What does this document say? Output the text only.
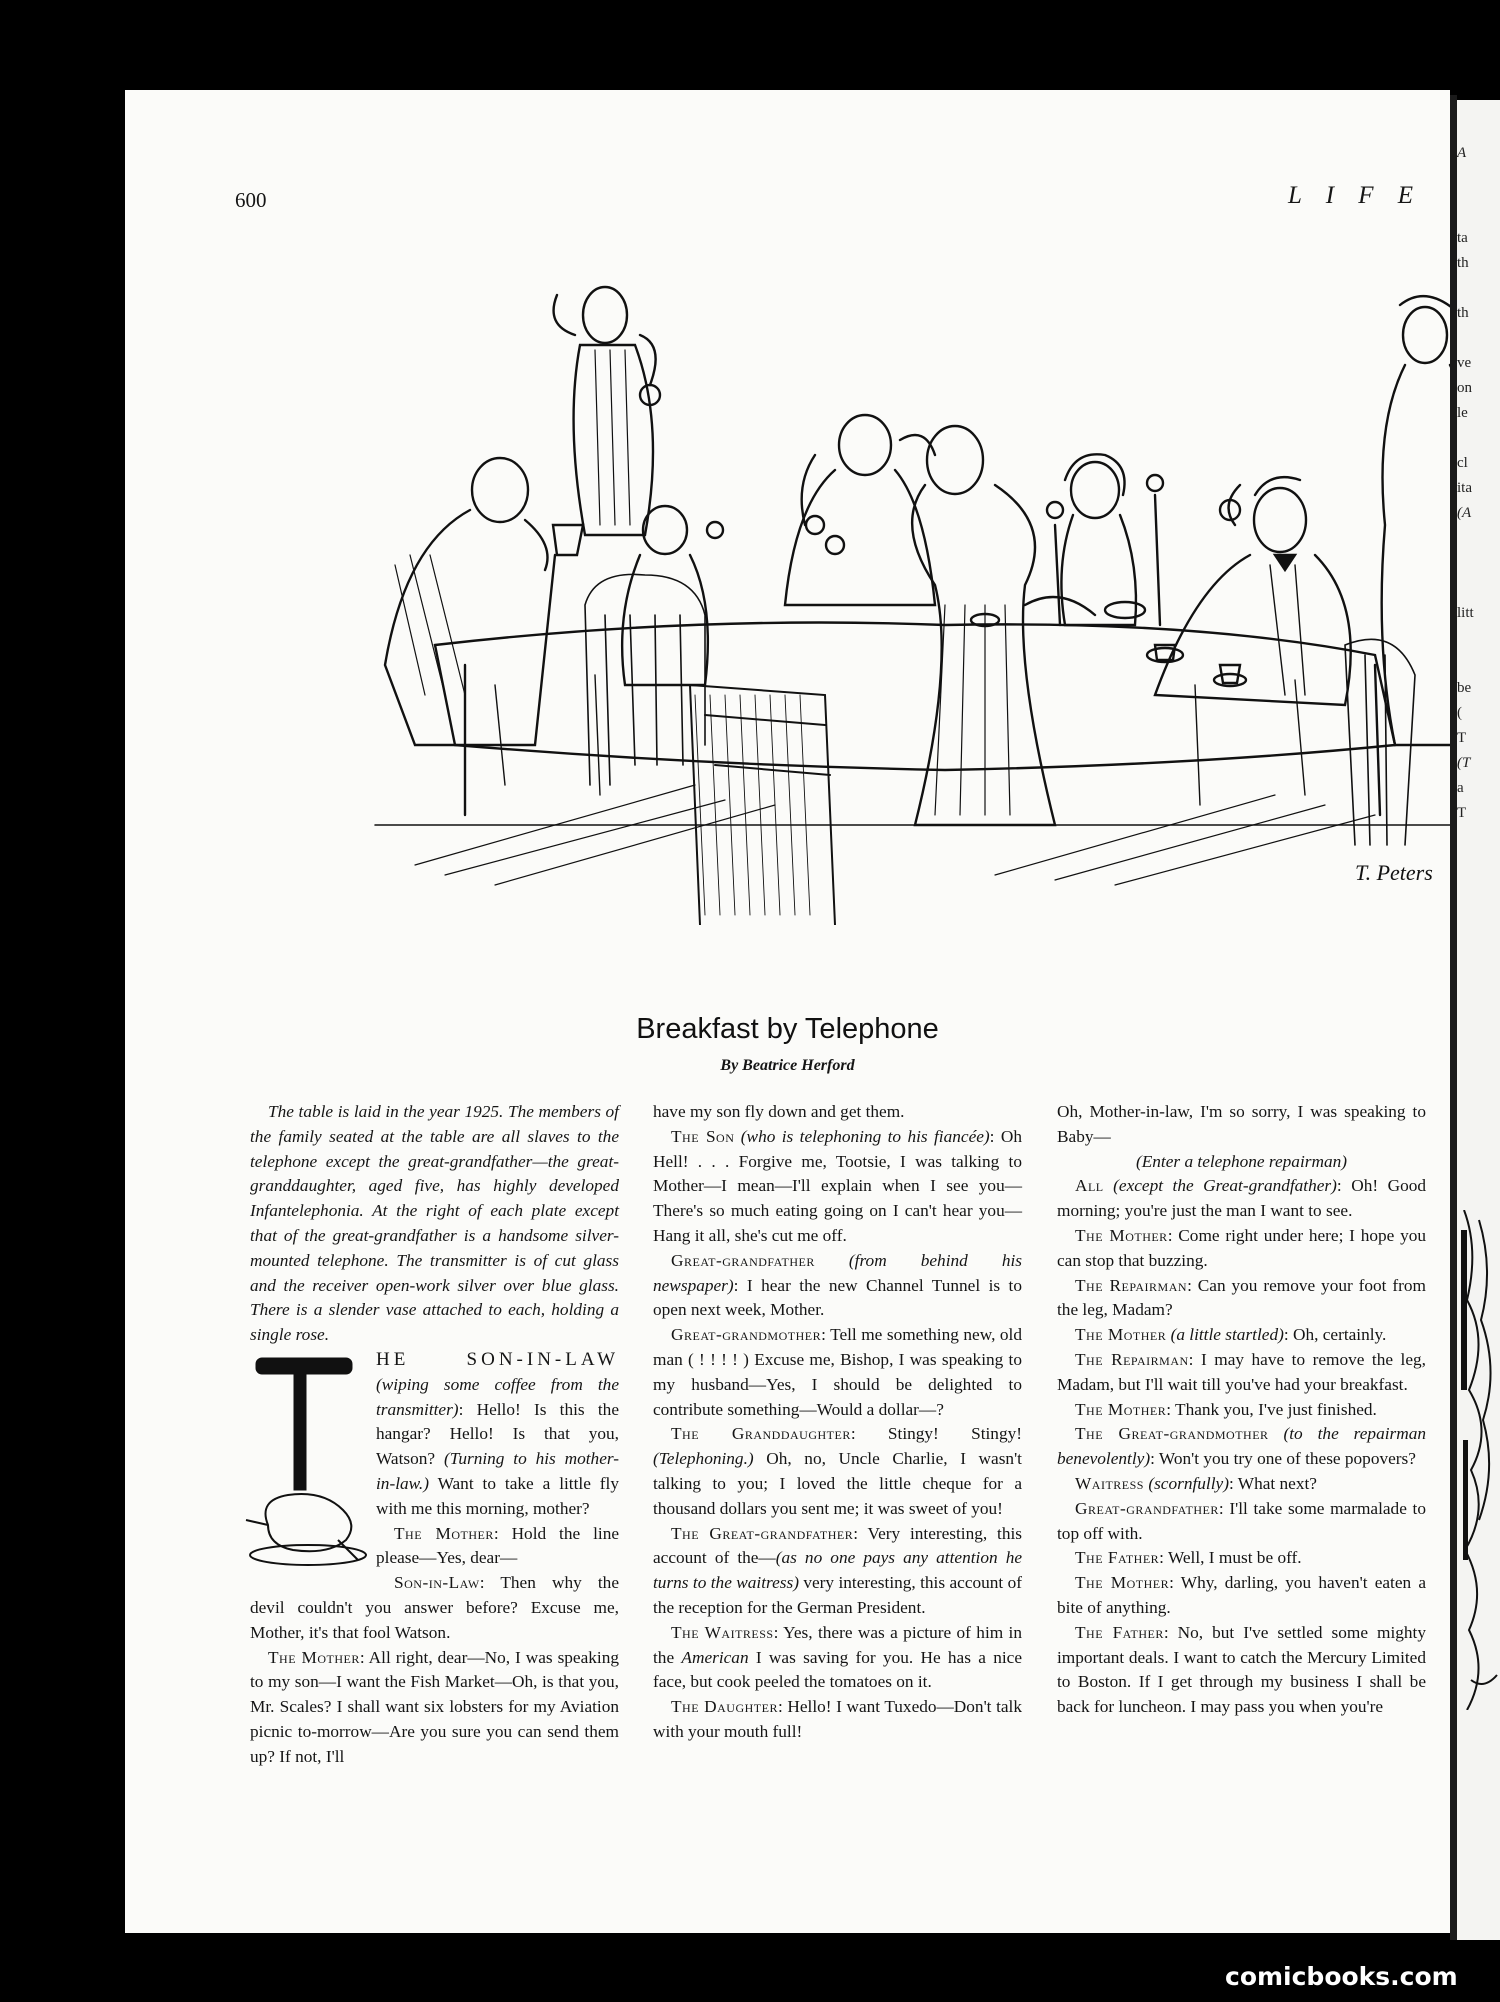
A
ta
th
th
ve
on
le
cl
ita
(A
litt
be
(
T
(T
a
T
600	L I F E
T. Peters
Breakfast by Telephone
By Beatrice Herford

The table is laid in the year 1925. The members of the family seated at the table are all slaves to the telephone except the great-grandfather—the great-granddaughter, aged five, has highly developed Infantelephonia. At the right of each plate except that of the great-grandfather is a handsome silver-mounted telephone. The transmitter is of cut glass and the receiver open-work silver over blue glass. There is a slender vase attached to each, holding a single rose.

HE SON-IN-LAW (wiping some coffee from the transmitter): Hello! Is this the hangar? Hello! Is that you, Watson? (Turning to his mother-in-law.) Want to take a little fly with me this morning, mother?

The Mother: Hold the line please—Yes, dear—

Son-in-Law: Then why the devil couldn't you answer before? Excuse me, Mother, it's that fool Watson.

The Mother: All right, dear—No, I was speaking to my son—I want the Fish Market—Oh, is that you, Mr. Scales? I shall want six lobsters for my Aviation picnic to-morrow—Are you sure you can send them up? If not, I'll

have my son fly down and get them.

The Son (who is telephoning to his fiancée): Oh Hell! . . . Forgive me, Tootsie, I was talking to Mother—I mean—I'll explain when I see you—There's so much eating going on I can't hear you—Hang it all, she's cut me off.

Great-grandfather (from behind his newspaper): I hear the new Channel Tunnel is to open next week, Mother.

Great-grandmother: Tell me something new, old man ( ! ! ! ! ) Excuse me, Bishop, I was speaking to my husband—Yes, I should be delighted to contribute something—Would a dollar—?

The Granddaughter: Stingy! Stingy! (Telephoning.) Oh, no, Uncle Charlie, I wasn't talking to you; I loved the little cheque for a thousand dollars you sent me; it was sweet of you!

The Great-grandfather: Very interesting, this account of the—(as no one pays any attention he turns to the waitress) very interesting, this account of the reception for the German President.

The Waitress: Yes, there was a picture of him in the American I was saving for you. He has a nice face, but cook peeled the tomatoes on it.

The Daughter: Hello! I want Tuxedo—Don't talk with your mouth full!

Oh, Mother-in-law, I'm so sorry, I was speaking to Baby—

(Enter a telephone repairman)

All (except the Great-grandfather): Oh! Good morning; you're just the man I want to see.

The Mother: Come right under here; I hope you can stop that buzzing.

The Repairman: Can you remove your foot from the leg, Madam?

The Mother (a little startled): Oh, certainly.

The Repairman: I may have to remove the leg, Madam, but I'll wait till you've had your breakfast.

The Mother: Thank you, I've just finished.

The Great-grandmother (to the repairman benevolently): Won't you try one of these popovers?

Waitress (scornfully): What next?

Great-grandfather: I'll take some marmalade to top off with.

The Father: Well, I must be off.

The Mother: Why, darling, you haven't eaten a bite of anything.

The Father: No, but I've settled some mighty important deals. I want to catch the Mercury Limited to Boston. If I get through my business I shall be back for luncheon. I may pass you when you're

comicbooks.com
